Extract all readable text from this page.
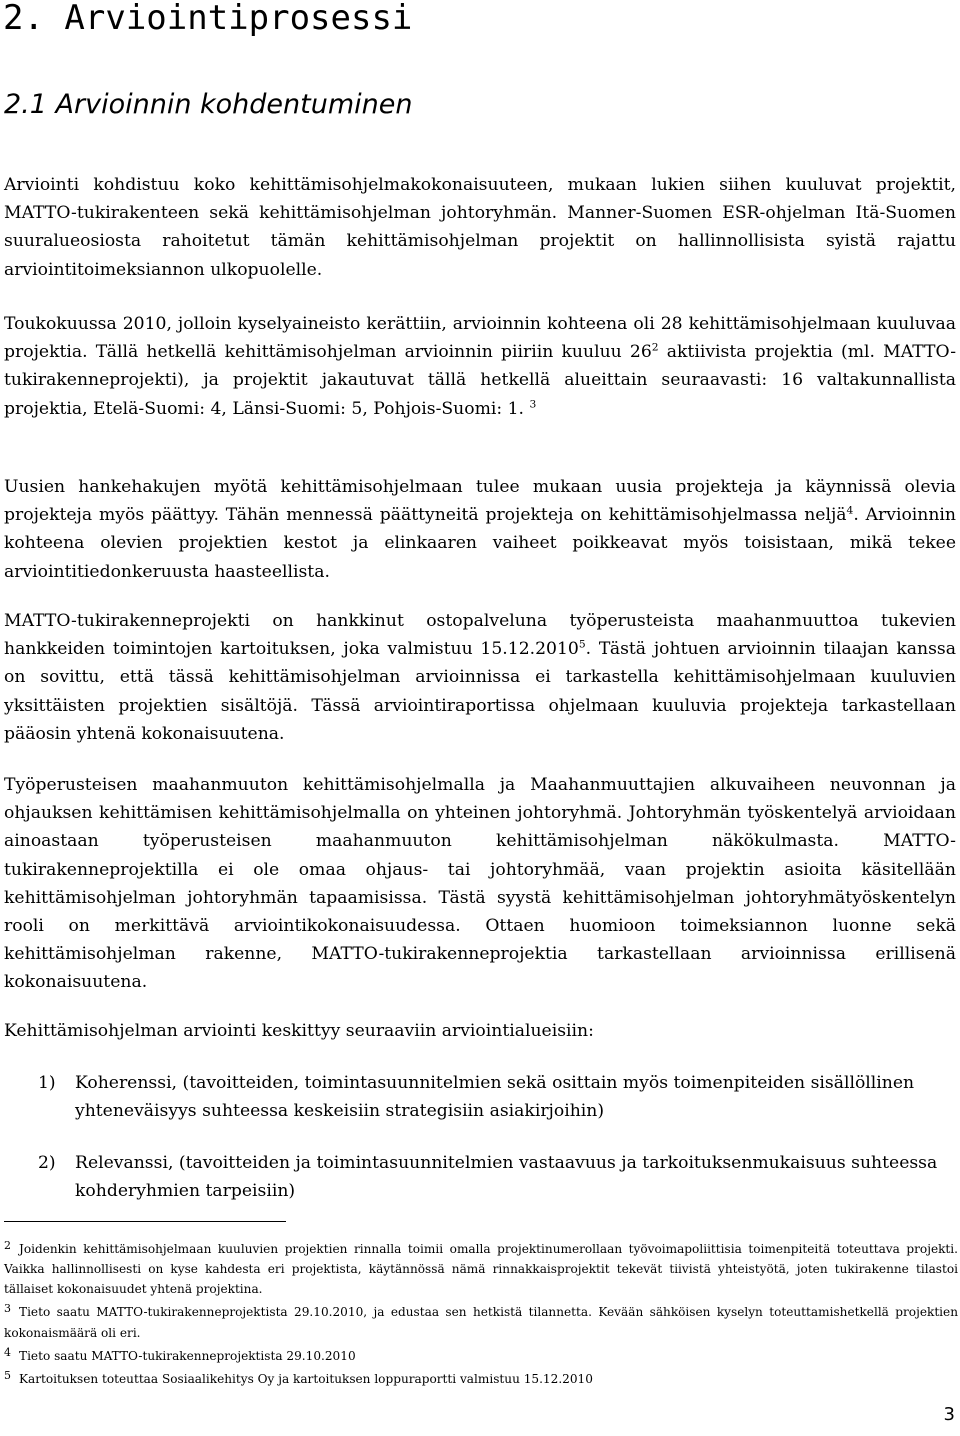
2. Arviointiprosessi
2.1 Arvioinnin kohdentuminen

Arviointi kohdistuu koko kehittämisohjelmakokonaisuuteen, mukaan lukien siihen kuuluvat projektit, MATTO-tukirakenteen sekä kehittämisohjelman johtoryhmän. Manner-Suomen ESR-ohjelman Itä-Suomen suuralueosiosta rahoitetut tämän kehittämisohjelman projektit on hallinnollisista syistä rajattu arviointitoimeksiannon ulkopuolelle.

Toukokuussa 2010, jolloin kyselyaineisto kerättiin, arvioinnin kohteena oli 28 kehittämisohjelmaan kuuluvaa projektia. Tällä hetkellä kehittämisohjelman arvioinnin piiriin kuuluu $26^2$ aktiivista projektia (ml. MATTO-tukirakenneprojekti), ja projektit jakautuvat tällä hetkellä alueittain seuraavasti: 16 valtakunnallista projektia, Etelä-Suomi: 4, Länsi-Suomi: 5, Pohjois-Suomi: 1. $^3$

Uusien hankehakujen myötä kehittämisohjelmaan tulee mukaan uusia projekteja ja käynnissä olevia projekteja myös päättyy. Tähän mennessä päättyneitä projekteja on kehittämisohjelmassa neljä$^4$. Arvioinnin kohteena olevien projektien kestot ja elinkaaren vaiheet poikkeavat myös toisistaan, mikä tekee arviointitiedonkeruusta haasteellista.

MATTO-tukirakenneprojekti on hankkinut ostopalveluna työperusteista maahanmuuttoa tukevien hankkeiden toimintojen kartoituksen, joka valmistuu 15.12.2010$^5$. Tästä johtuen arvioinnin tilaajan kanssa on sovittu, että tässä kehittämisohjelman arvioinnissa ei tarkastella kehittämisohjelmaan kuuluvien yksittäisten projektien sisältöjä. Tässä arviointiraportissa ohjelmaan kuuluvia projekteja tarkastellaan pääosin yhtenä kokonaisuutena.

Työperusteisen maahanmuuton kehittämisohjelmalla ja Maahanmuuttajien alkuvaiheen neuvonnan ja ohjauksen kehittämisen kehittämisohjelmalla on yhteinen johtoryhmä. Johtoryhmän työskentelyä arvioidaan ainoastaan työperusteisen maahanmuuton kehittämisohjelman näkökulmasta. MATTO-tukirakenneprojektilla ei ole omaa ohjaus- tai johtoryhmää, vaan projektin asioita käsitellään kehittämisohjelman johtoryhmän tapaamisissa. Tästä syystä kehittämisohjelman johtoryhmätyöskentelyn rooli on merkittävä arviointikokonaisuudessa. Ottaen huomioon toimeksiannon luonne sekä kehittämisohjelman rakenne, MATTO-tukirakenneprojektia tarkastellaan arvioinnissa erillisenä kokonaisuutena.

Kehittämisohjelman arviointi keskittyy seuraaviin arviointialueisiin:

1) Koherenssi, (tavoitteiden, toimintasuunnitelmien sekä osittain myös toimenpiteiden sisällöllinen yhteneväisyys suhteessa keskeisiin strategisiin asiakirjoihin)
2) Relevanssi, (tavoitteiden ja toimintasuunnitelmien vastaavuus ja tarkoituksenmukaisuus suhteessa kohderyhmien tarpeisiin)

2 Joidenkin kehittämisohjelmaan kuuluvien projektien rinnalla toimii omalla projektinumerollaan työvoimapoliittisia toimenpiteitä toteuttava projekti. Vaikka hallinnollisesti on kyse kahdesta eri projektista, käytännössä nämä rinnakkaisprojektit tekevät tiivistä yhteistyötä, joten tukirakenne tilastoi tällaiset kokonaisuudet yhtenä projektina.

3 Tieto saatu MATTO-tukirakenneprojektista 29.10.2010, ja edustaa sen hetkistä tilannetta. Kevään sähköisen kyselyn toteuttamishetkellä projektien kokonaismäärä oli eri.

4 Tieto saatu MATTO-tukirakenneprojektista 29.10.2010

5 Kartoituksen toteuttaa Sosiaalikehitys Oy ja kartoituksen loppuraportti valmistuu 15.12.2010

3
